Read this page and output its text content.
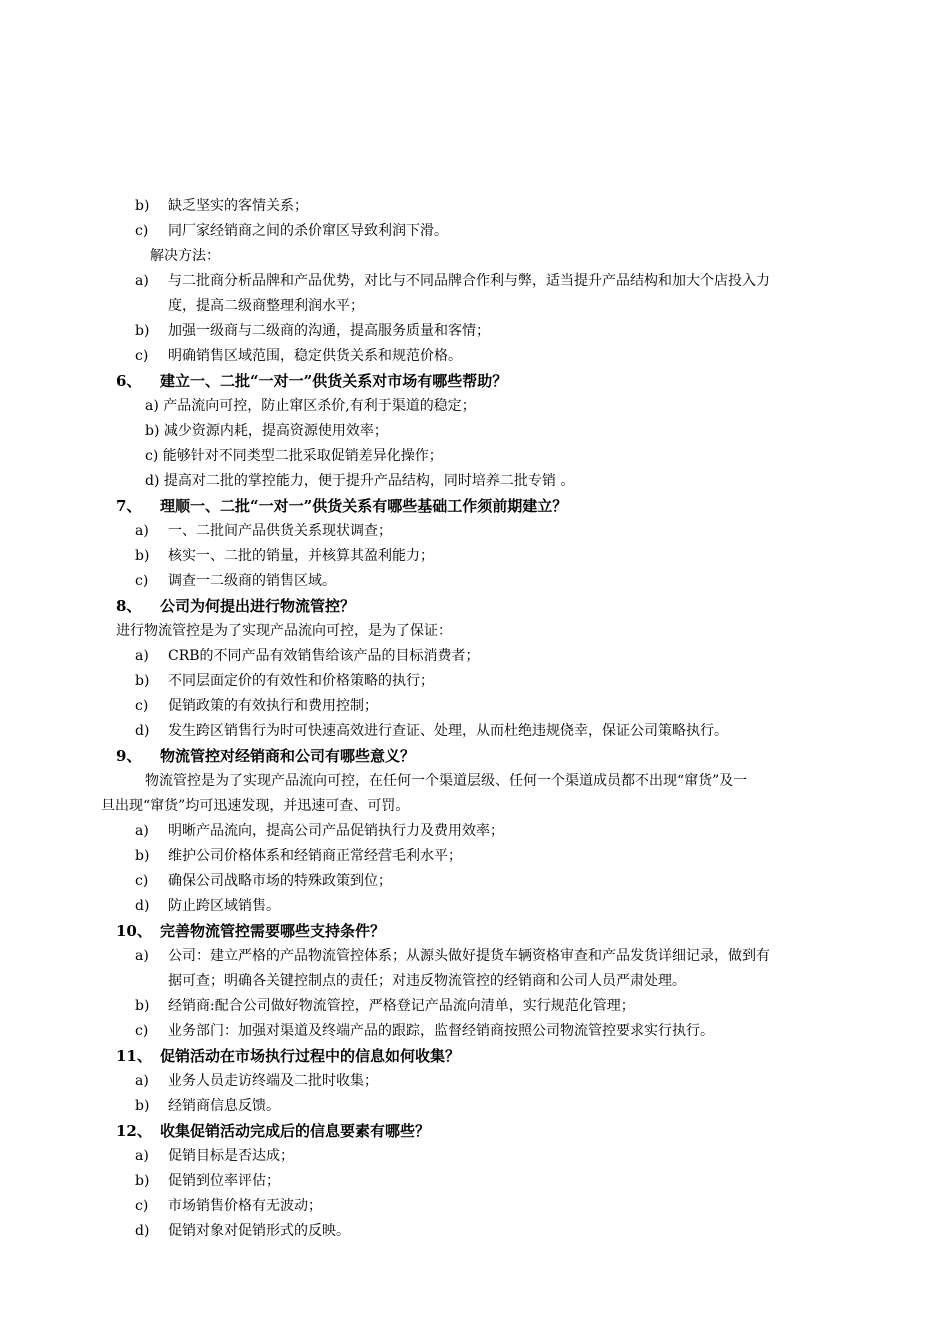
b) 缺乏坚实的客情关系；
c) 同厂家经销商之间的杀价窜区导致利润下滑。
解决方法：
a) 与二批商分析品牌和产品优势，对比与不同品牌合作利与弊，适当提升产品结构和加大个店投入力
度，提高二级商整理利润水平；
b) 加强一级商与二级商的沟通，提高服务质量和客情；
c) 明确销售区域范围，稳定供货关系和规范价格。
6、 建立一、二批“一对一”供货关系对市场有哪些帮助？
a) 产品流向可控，防止窜区杀价,有利于渠道的稳定；
b) 减少资源内耗，提高资源使用效率；
c) 能够针对不同类型二批采取促销差异化操作；
d) 提高对二批的掌控能力，便于提升产品结构，同时培养二批专销 。
7、 理顺一、二批“一对一”供货关系有哪些基础工作须前期建立？
a) 一、二批间产品供货关系现状调查；
b) 核实一、二批的销量，并核算其盈利能力；
c) 调查一二级商的销售区域。
8、 公司为何提出进行物流管控？
进行物流管控是为了实现产品流向可控，是为了保证：
a) CRB的不同产品有效销售给该产品的目标消费者；
b) 不同层面定价的有效性和价格策略的执行；
c) 促销政策的有效执行和费用控制；
d) 发生跨区销售行为时可快速高效进行查证、处理，从而杜绝违规侥幸，保证公司策略执行。
9、 物流管控对经销商和公司有哪些意义？
物流管控是为了实现产品流向可控，在任何一个渠道层级、任何一个渠道成员都不出现“窜货”及一
旦出现“窜货”均可迅速发现，并迅速可查、可罚。
a) 明晰产品流向，提高公司产品促销执行力及费用效率；
b) 维护公司价格体系和经销商正常经营毛利水平；
c) 确保公司战略市场的特殊政策到位；
d) 防止跨区域销售。
10、 完善物流管控需要哪些支持条件？
a) 公司：建立严格的产品物流管控体系；从源头做好提货车辆资格审查和产品发货详细记录，做到有
据可查；明确各关键控制点的责任；对违反物流管控的经销商和公司人员严肃处理。
b) 经销商:配合公司做好物流管控，严格登记产品流向清单，实行规范化管理；
c) 业务部门：加强对渠道及终端产品的跟踪，监督经销商按照公司物流管控要求实行执行。
11、 促销活动在市场执行过程中的信息如何收集？
a) 业务人员走访终端及二批时收集；
b) 经销商信息反馈。
12、 收集促销活动完成后的信息要素有哪些？
a) 促销目标是否达成；
b) 促销到位率评估；
c) 市场销售价格有无波动；
d) 促销对象对促销形式的反映。
